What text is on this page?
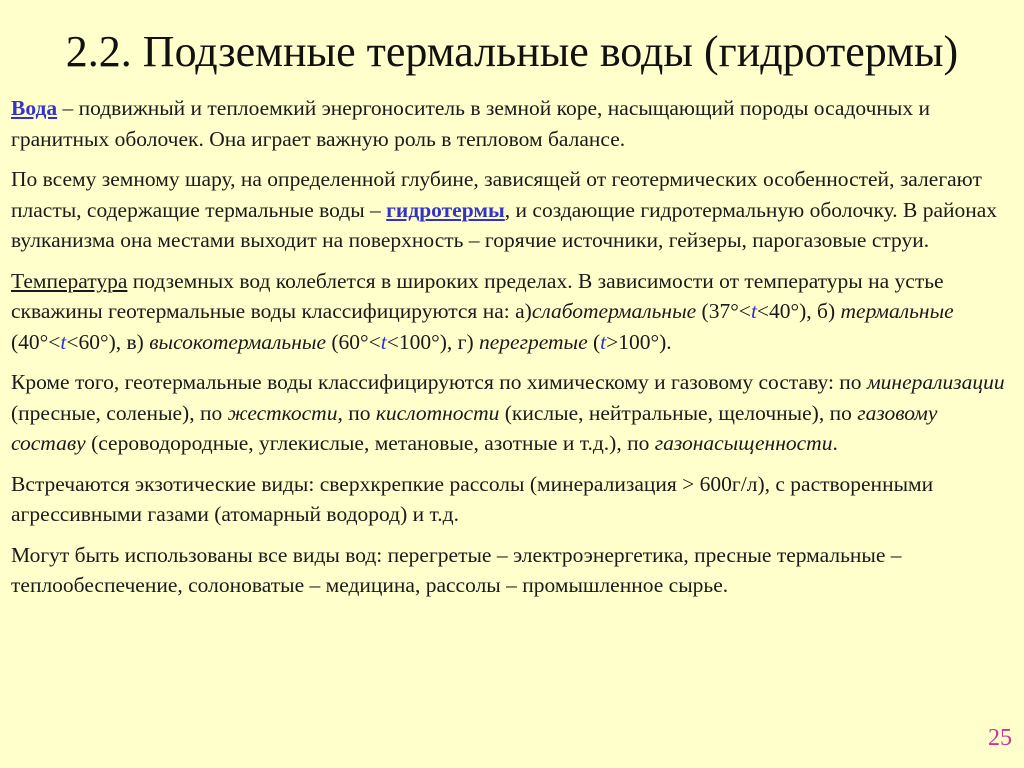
2.2. Подземные термальные воды (гидротермы)

Вода – подвижный и теплоемкий энергоноситель в земной коре, насыщающий породы осадочных и гранитных оболочек. Она играет важную роль в тепловом балансе.

По всему земному шару, на определенной глубине, зависящей от геотермических особенностей, залегают пласты, содержащие термальные воды – гидротермы, и создающие гидротермальную оболочку. В районах вулканизма она местами выходит на поверхность – горячие источники, гейзеры, парогазовые струи.

Температура подземных вод колеблется в широких пределах. В зависимости от температуры на устье скважины геотермальные воды классифицируются на: а)слаботермальные (37°<t<40°), б) термальные (40°<t<60°), в) высокотермальные (60°<t<100°), г) перегретые (t>100°).

Кроме того, геотермальные воды классифицируются по химическому и газовому составу: по минерализации (пресные, соленые), по жесткости, по кислотности (кислые, нейтральные, щелочные), по газовому составу (сероводородные, углекислые, метановые, азотные и т.д.), по газонасыщенности.

Встречаются экзотические виды: сверхкрепкие рассолы (минерализация > 600г/л), с растворенными агрессивными газами (атомарный водород) и т.д.

Могут быть использованы все виды вод: перегретые – электроэнергетика, пресные термальные – теплообеспечение, солоноватые – медицина, рассолы – промышленное сырье.

25
